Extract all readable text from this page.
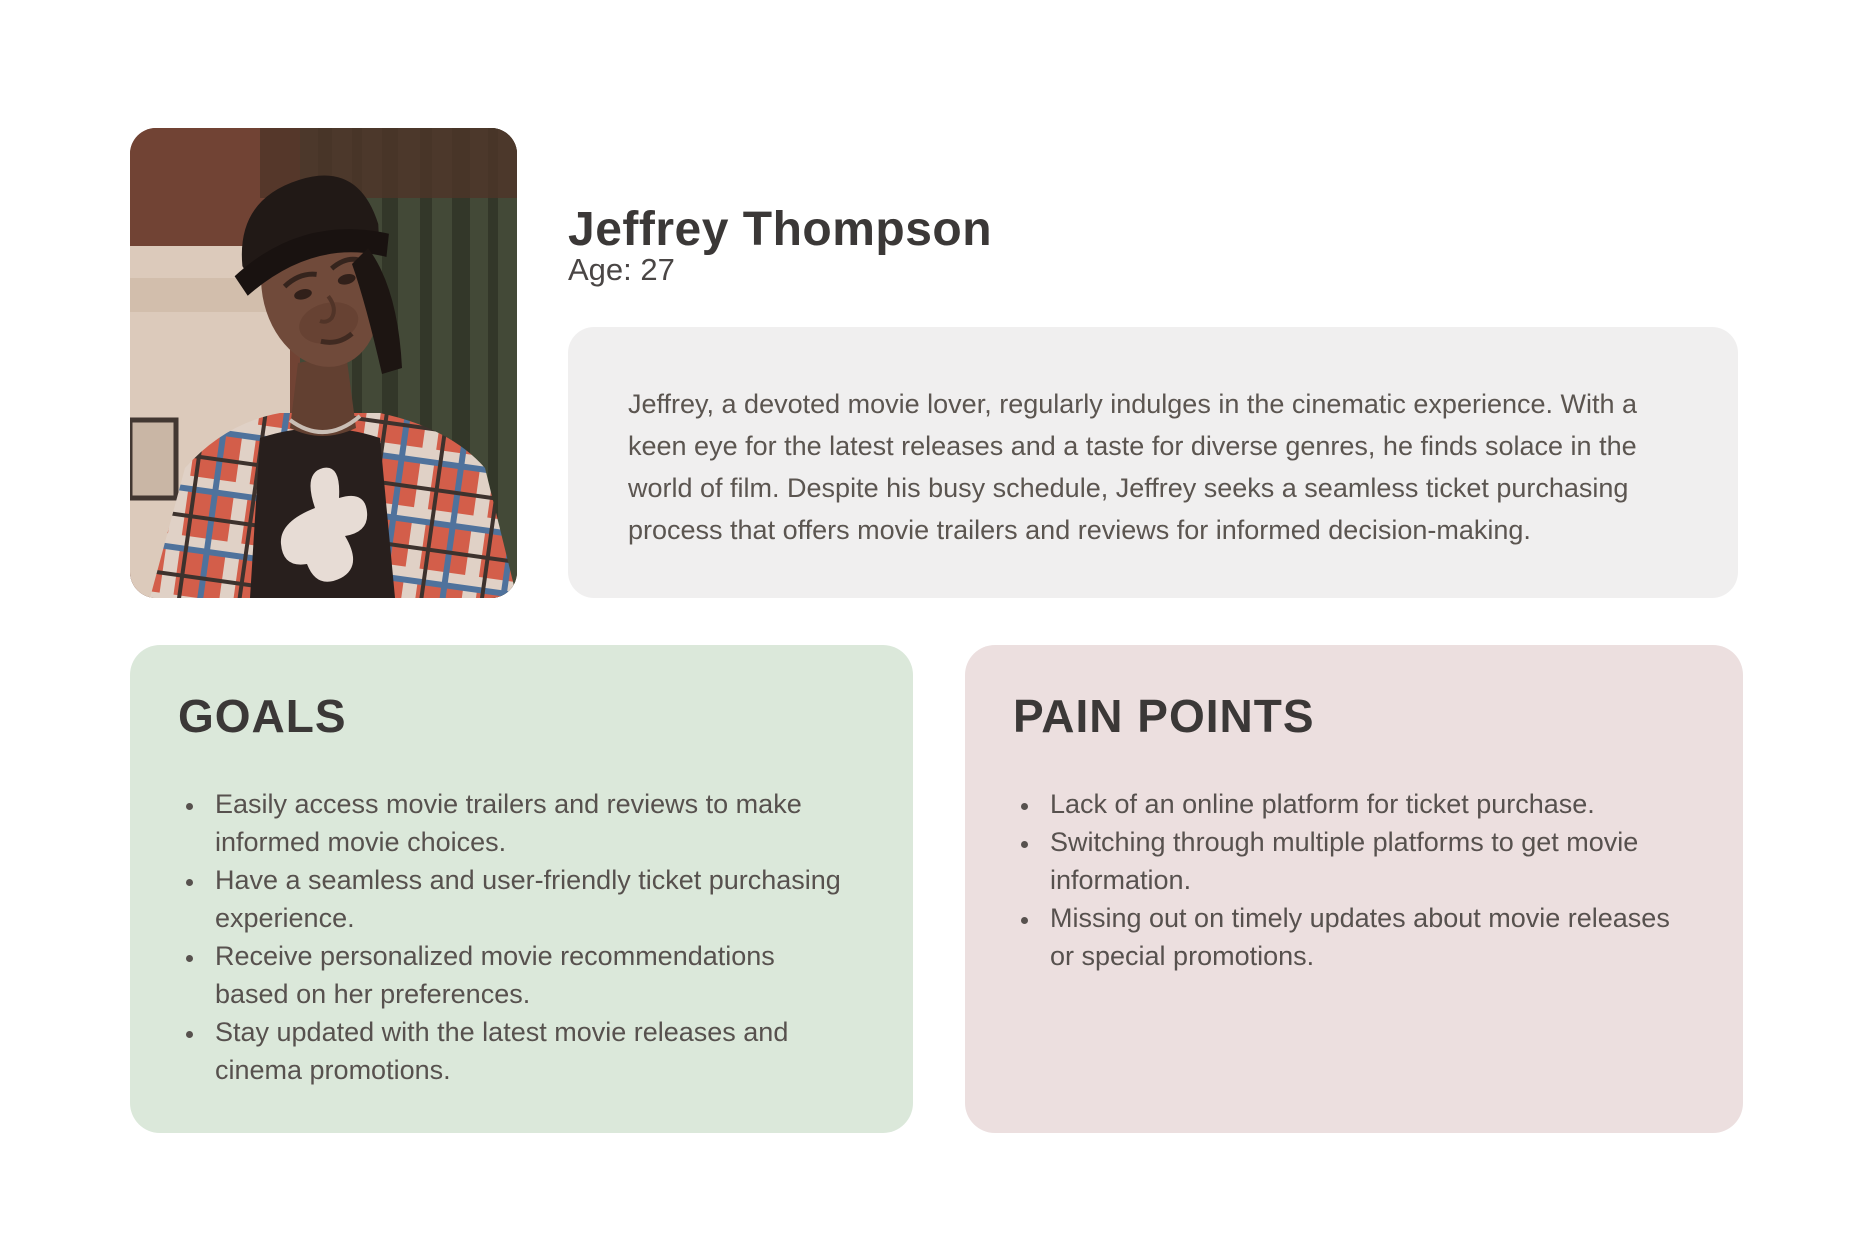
Jeffrey Thompson
Age: 27

Jeffrey, a devoted movie lover, regularly indulges in the cinematic experience. With a keen eye for the latest releases and a taste for diverse genres, he finds solace in the world of film. Despite his busy schedule, Jeffrey seeks a seamless ticket purchasing process that offers movie trailers and reviews for informed decision-making.

GOALS
• Easily access movie trailers and reviews to make informed movie choices.
• Have a seamless and user-friendly ticket purchasing experience.
• Receive personalized movie recommendations based on her preferences.
• Stay updated with the latest movie releases and cinema promotions.
PAIN POINTS
• Lack of an online platform for ticket purchase.
• Switching through multiple platforms to get movie information.
• Missing out on timely updates about movie releases or special promotions.
